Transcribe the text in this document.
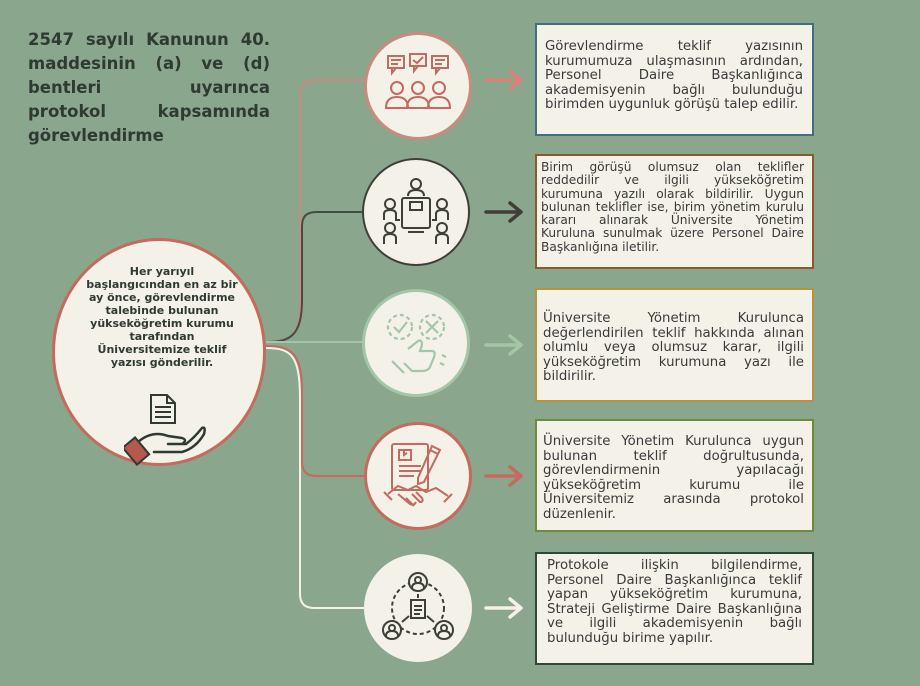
2547 sayılı Kanunun 40. maddesinin (a) ve (d) bentleri uyarınca protokol kapsamında görevlendirme
Her yarıyıl başlangıcından en az bir ay önce, görevlendirme talebinde bulunan yükseköğretim kurumu tarafından Üniversitemize teklif yazısı gönderilir.
Görevlendirme teklif yazısının kurumumuza ulaşmasının ardından, Personel Daire Başkanlığınca akademisyenin bağlı bulunduğu birimden uygunluk görüşü talep edilir.
Birim görüşü olumsuz olan teklifler reddedilir ve ilgili yükseköğretim kurumuna yazılı olarak bildirilir. Uygun bulunan teklifler ise, birim yönetim kurulu kararı alınarak Üniversite Yönetim Kuruluna sunulmak üzere Personel Daire Başkanlığına iletilir.
Üniversite Yönetim Kurulunca değerlendirilen teklif hakkında alınan olumlu veya olumsuz karar, ilgili yükseköğretim kurumuna yazı ile bildirilir.
Üniversite Yönetim Kurulunca uygun bulunan teklif doğrultusunda, görevlendirmenin yapılacağı yükseköğretim kurumu ile Üniversitemiz arasında protokol düzenlenir.
Protokole ilişkin bilgilendirme, Personel Daire Başkanlığınca teklif yapan yükseköğretim kurumuna, Strateji Geliştirme Daire Başkanlığına ve ilgili akademisyenin bağlı bulunduğu birime yapılır.
